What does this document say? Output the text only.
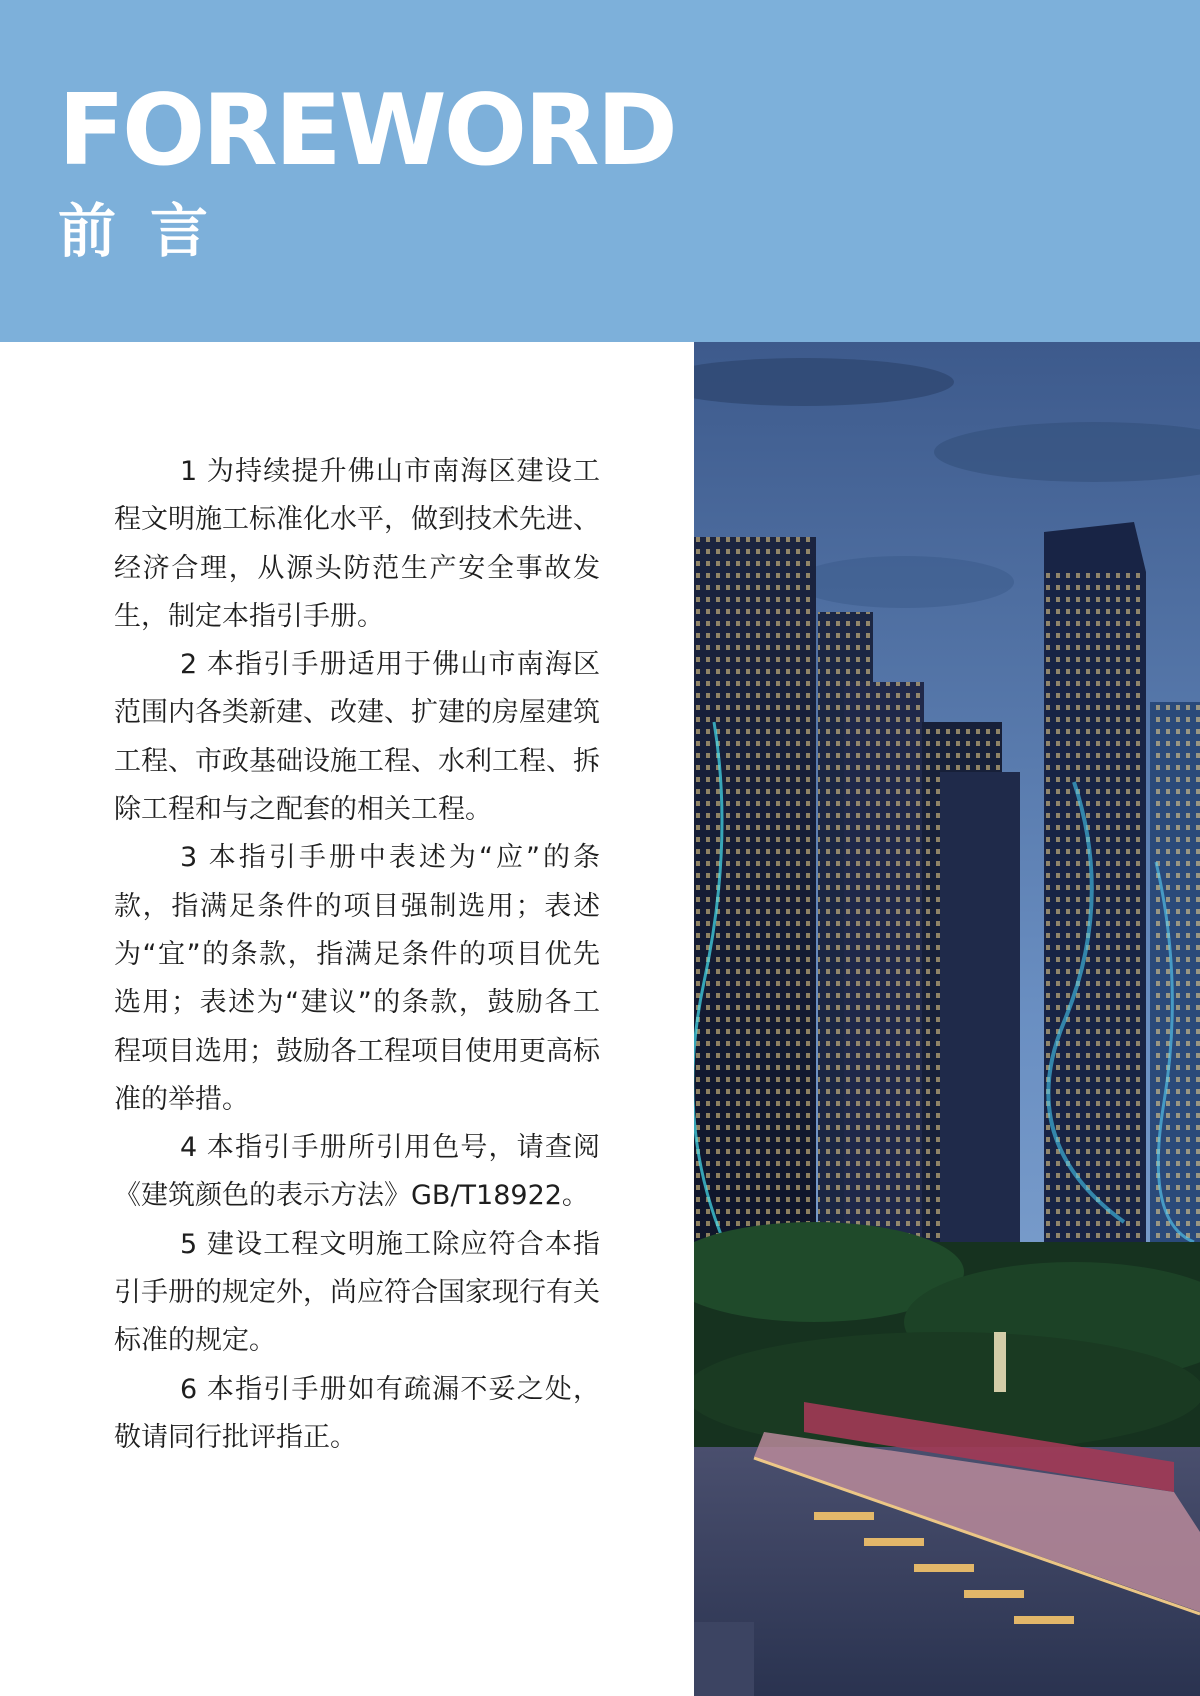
FOREWORD
前言

1 为持续提升佛山市南海区建设工程文明施工标准化水平，做到技术先进、经济合理，从源头防范生产安全事故发生，制定本指引手册。

2 本指引手册适用于佛山市南海区范围内各类新建、改建、扩建的房屋建筑工程、市政基础设施工程、水利工程、拆除工程和与之配套的相关工程。

3 本指引手册中表述为“应”的条款，指满足条件的项目强制选用；表述为“宜”的条款，指满足条件的项目优先选用；表述为“建议”的条款，鼓励各工程项目选用；鼓励各工程项目使用更高标准的举措。

4 本指引手册所引用色号，请查阅《建筑颜色的表示方法》GB/T18922。

5 建设工程文明施工除应符合本指引手册的规定外，尚应符合国家现行有关标准的规定。

6 本指引手册如有疏漏不妥之处，敬请同行批评指正。
